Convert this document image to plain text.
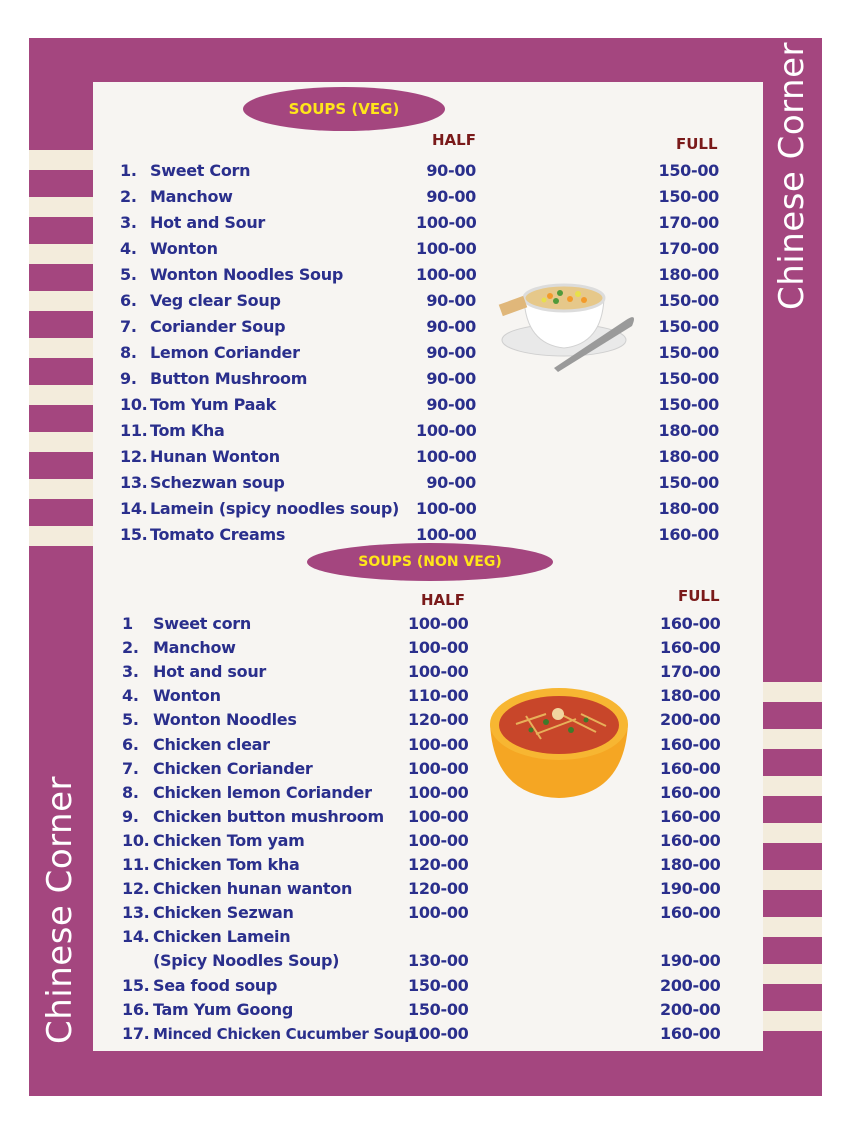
Chinese Corner
Chinese Corner
SOUPS (VEG)
HALF	FULL
1. Sweet Corn	90-00	150-00
2. Manchow	90-00	150-00
3. Hot and Sour	100-00	170-00
4. Wonton	100-00	170-00
5. Wonton Noodles Soup	100-00	180-00
6. Veg clear Soup	90-00	150-00
7. Coriander Soup	90-00	150-00
8. Lemon Coriander	90-00	150-00
9. Button Mushroom	90-00	150-00
10. Tom Yum Paak	90-00	150-00
11. Tom Kha	100-00	180-00
12. Hunan Wonton	100-00	180-00
13. Schezwan soup	90-00	150-00
14. Lamein (spicy noodles soup) 100-00	180-00
15. Tomato Creams	100-00	160-00
SOUPS (NON VEG)
HALF	FULL
1 Sweet corn	100-00	160-00
2. Manchow	100-00	160-00
3. Hot and sour	100-00	170-00
4. Wonton	110-00	180-00
5. Wonton Noodles	120-00	200-00
6. Chicken clear	100-00	160-00
7. Chicken Coriander	100-00	160-00
8. Chicken lemon Coriander 100-00	160-00
9. Chicken button mushroom 100-00	160-00
10. Chicken Tom yam	100-00	160-00
11. Chicken Tom kha	120-00	180-00
12. Chicken hunan wanton	120-00	190-00
13. Chicken Sezwan	100-00	160-00
14. Chicken Lamein
(Spicy Noodles Soup)	130-00	190-00
15. Sea food soup	150-00	200-00
16. Tam Yum Goong	150-00	200-00
17. Minced Chicken Cucumber Soup
100-00	160-00
